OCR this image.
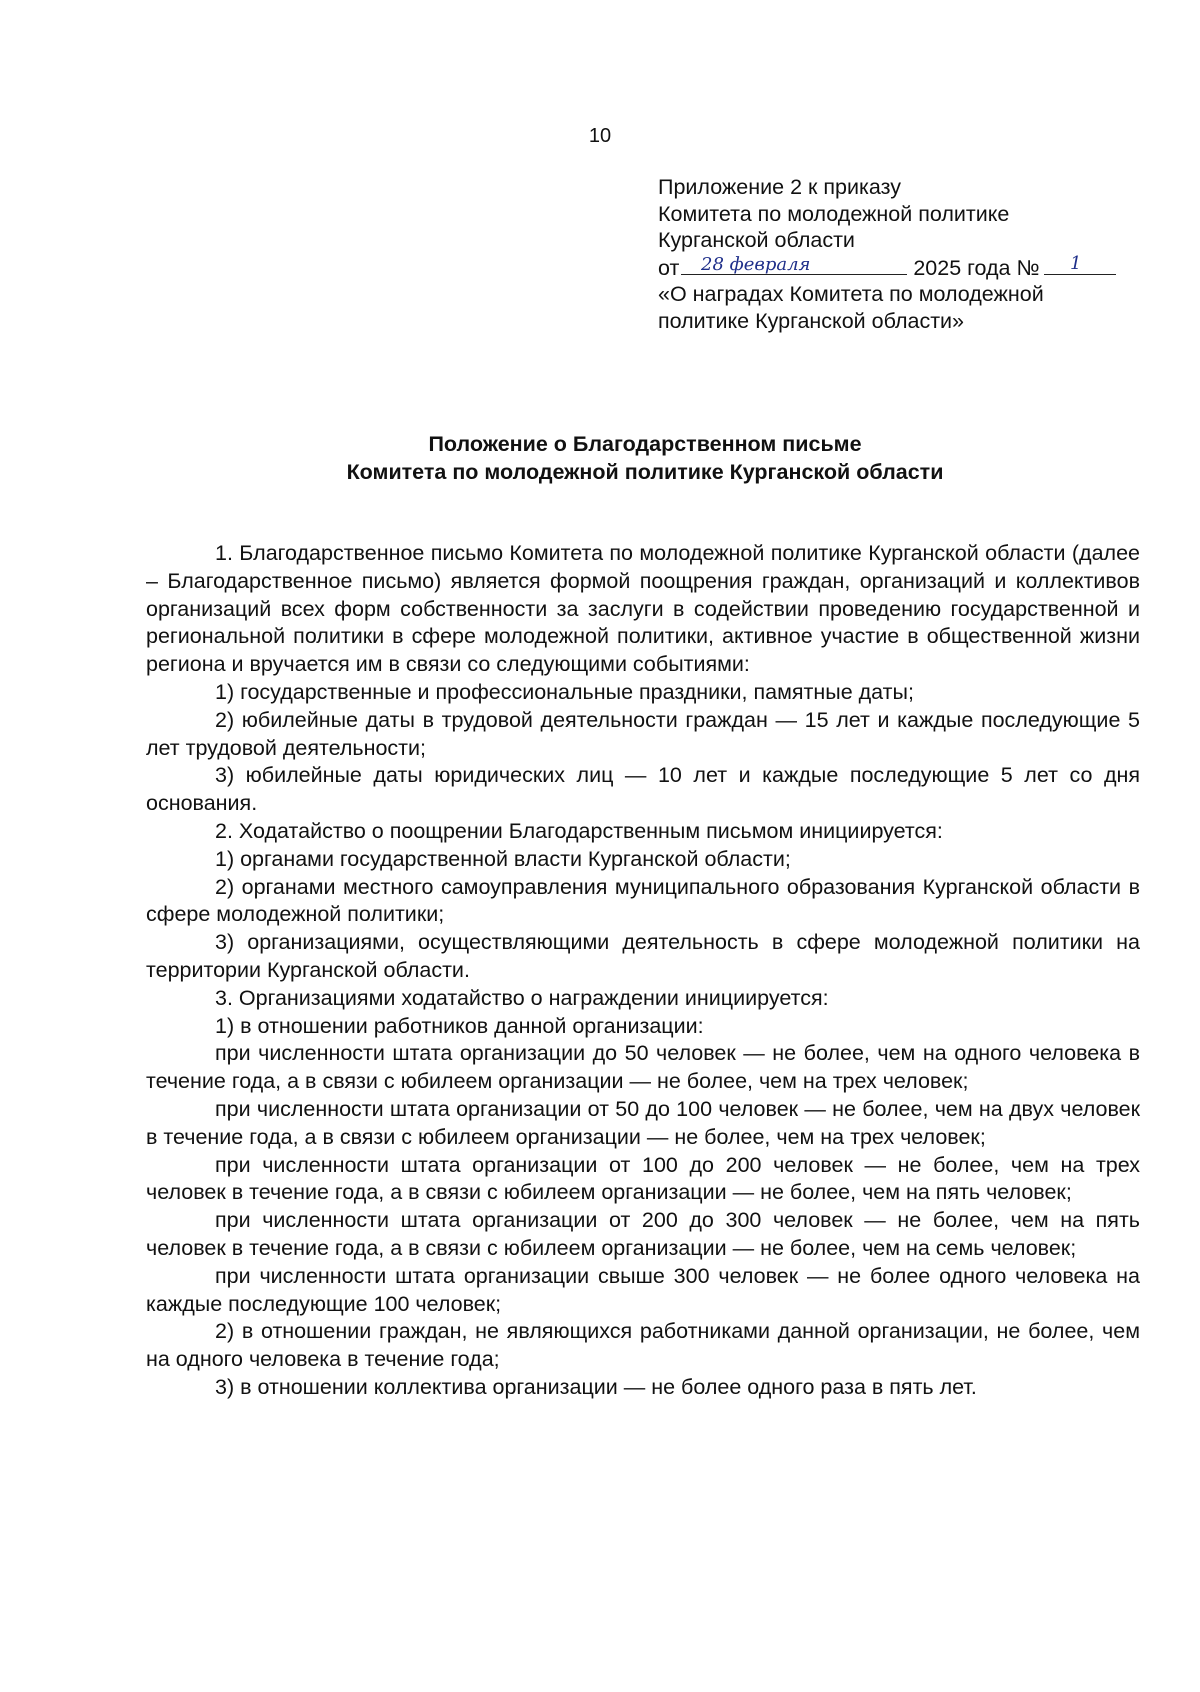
10
Приложение 2 к приказу
Комитета по молодежной политике
Курганской области
от 28 февраля	2025 года № 1
«О наградах Комитета по молодежной
политике Курганской области»
Положение о Благодарственном письме
Комитета по молодежной политике Курганской области

1. Благодарственное письмо Комитета по молодежной политике Курганской области (далее – Благодарственное письмо) является формой поощрения граждан, организаций и коллективов организаций всех форм собственности за заслуги в содействии проведению государственной и региональной политики в сфере молодежной политики, активное участие в общественной жизни региона и вручается им в связи со следующими событиями:

1) государственные и профессиональные праздники, памятные даты;

2) юбилейные даты в трудовой деятельности граждан — 15 лет и каждые последующие 5 лет трудовой деятельности;

3) юбилейные даты юридических лиц — 10 лет и каждые последующие 5 лет со дня основания.

2. Ходатайство о поощрении Благодарственным письмом инициируется:

1) органами государственной власти Курганской области;

2) органами местного самоуправления муниципального образования Курганской области в сфере молодежной политики;

3) организациями, осуществляющими деятельность в сфере молодежной политики на территории Курганской области.

3. Организациями ходатайство о награждении инициируется:

1) в отношении работников данной организации:

при численности штата организации до 50 человек — не более, чем на одного человека в течение года, а в связи с юбилеем организации — не более, чем на трех человек;

при численности штата организации от 50 до 100 человек — не более, чем на двух человек в течение года, а в связи с юбилеем организации — не более, чем на трех человек;

при численности штата организации от 100 до 200 человек — не более, чем на трех человек в течение года, а в связи с юбилеем организации — не более, чем на пять человек;

при численности штата организации от 200 до 300 человек — не более, чем на пять человек в течение года, а в связи с юбилеем организации — не более, чем на семь человек;

при численности штата организации свыше 300 человек — не более одного человека на каждые последующие 100 человек;

2) в отношении граждан, не являющихся работниками данной организации, не более, чем на одного человека в течение года;

3) в отношении коллектива организации — не более одного раза в пять лет.
